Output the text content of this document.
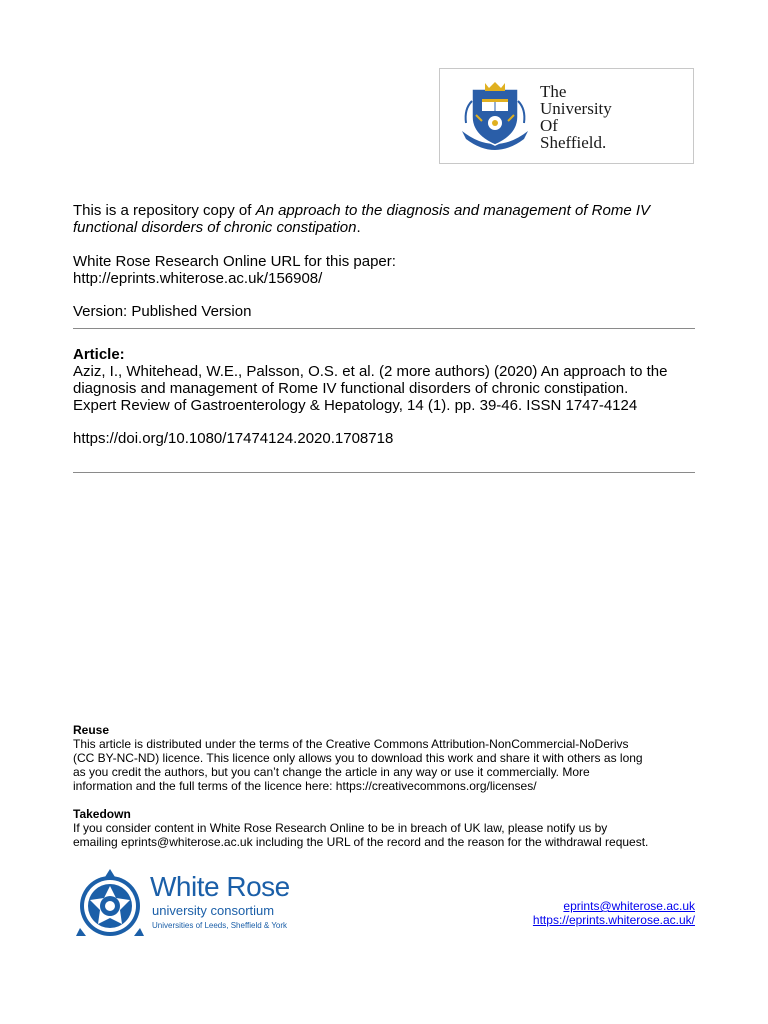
The
University
Of
Sheffield.

This is a repository copy of An approach to the diagnosis and management of Rome IV functional disorders of chronic constipation.

White Rose Research Online URL for this paper:

http://eprints.whiterose.ac.uk/156908/

Version: Published Version

Article:

Aziz, I., Whitehead, W.E., Palsson, O.S. et al. (2 more authors) (2020) An approach to the

diagnosis and management of Rome IV functional disorders of chronic constipation.

Expert Review of Gastroenterology & Hepatology, 14 (1). pp. 39-46. ISSN 1747-4124

https://doi.org/10.1080/17474124.2020.1708718

Reuse

This article is distributed under the terms of the Creative Commons Attribution-NonCommercial-NoDerivs

(CC BY-NC-ND) licence. This licence only allows you to download this work and share it with others as long

as you credit the authors, but you can’t change the article in any way or use it commercially. More

information and the full terms of the licence here: https://creativecommons.org/licenses/

Takedown

If you consider content in White Rose Research Online to be in breach of UK law, please notify us by

emailing eprints@whiterose.ac.uk including the URL of the record and the reason for the withdrawal request.

White Rose
university consortium
Universities of Leeds, Sheffield & York
eprints@whiterose.ac.uk
https://eprints.whiterose.ac.uk/
